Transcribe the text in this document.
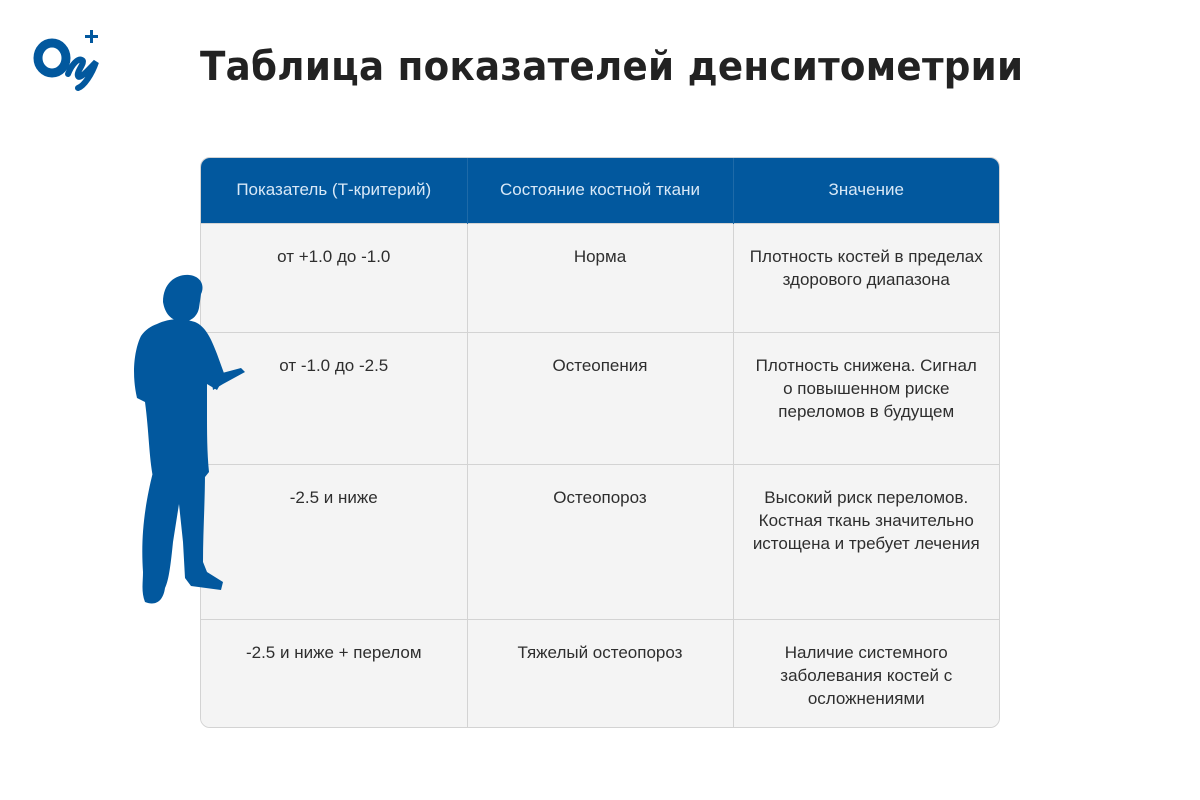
Таблица показателей денситометрии
Показатель (Т-критерий)	Состояние костной ткани	Значение
от +1.0 до -1.0	Норма	Плотность костей в пределах здорового диапазона
от -1.0 до -2.5	Остеопения	Плотность снижена. Сигнал о повышенном риске переломов в будущем
-2.5 и ниже	Остеопороз	Высокий риск переломов. Костная ткань значительно истощена и требует лечения
-2.5 и ниже + перелом	Тяжелый остеопороз	Наличие системного заболевания костей с осложнениями
